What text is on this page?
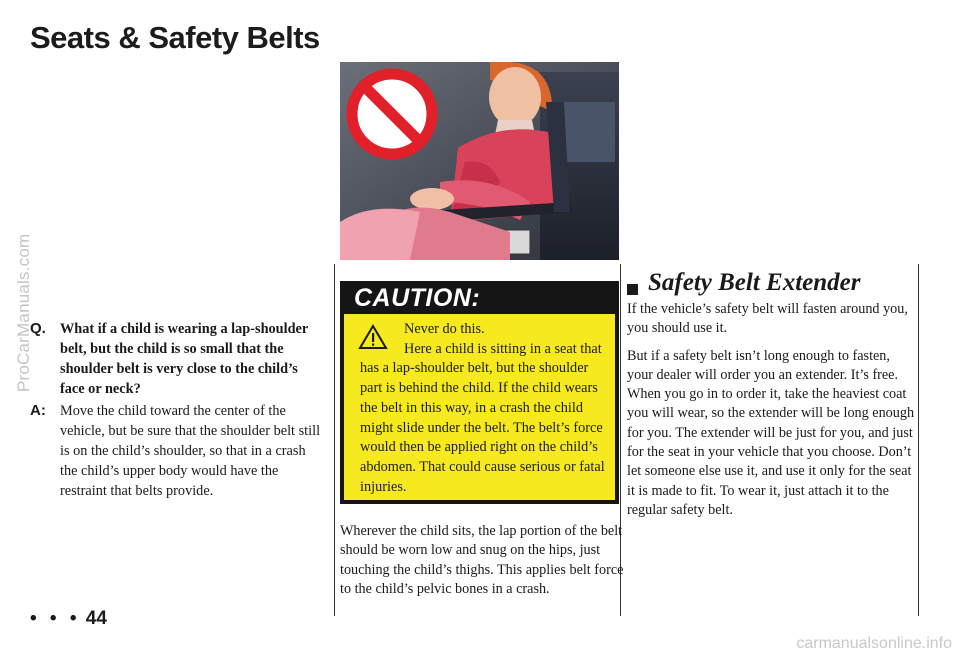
Seats & Safety Belts
ProCarManuals.com
Q. What if a child is wearing a lap-shoulder belt, but the child is so small that the shoulder belt is very close to the child’s face or neck?
A: Move the child toward the center of the vehicle, but be sure that the shoulder belt still is on the child’s shoulder, so that in a crash the child’s upper body would have the restraint that belts provide.
CAUTION:
Never do this.
Here a child is sitting in a seat that has a lap-shoulder belt, but the shoulder part is behind the child. If the child wears the belt in this way, in a crash the child might slide under the belt. The belt’s force would then be applied right on the child’s abdomen. That could cause serious or fatal injuries.
Wherever the child sits, the lap portion of the belt should be worn low and snug on the hips, just touching the child’s thighs. This applies belt force to the child’s pelvic bones in a crash.
Safety Belt Extender

If the vehicle’s safety belt will fasten around you, you should use it.

But if a safety belt isn’t long enough to fasten, your dealer will order you an extender. It’s free. When you go in to order it, take the heaviest coat you will wear, so the extender will be long enough for you. The extender will be just for you, and just for the seat in your vehicle that you choose. Don’t let someone else use it, and use it only for the seat it is made to fit. To wear it, just attach it to the regular safety belt.

• • • 44
carmanualsonline.info
